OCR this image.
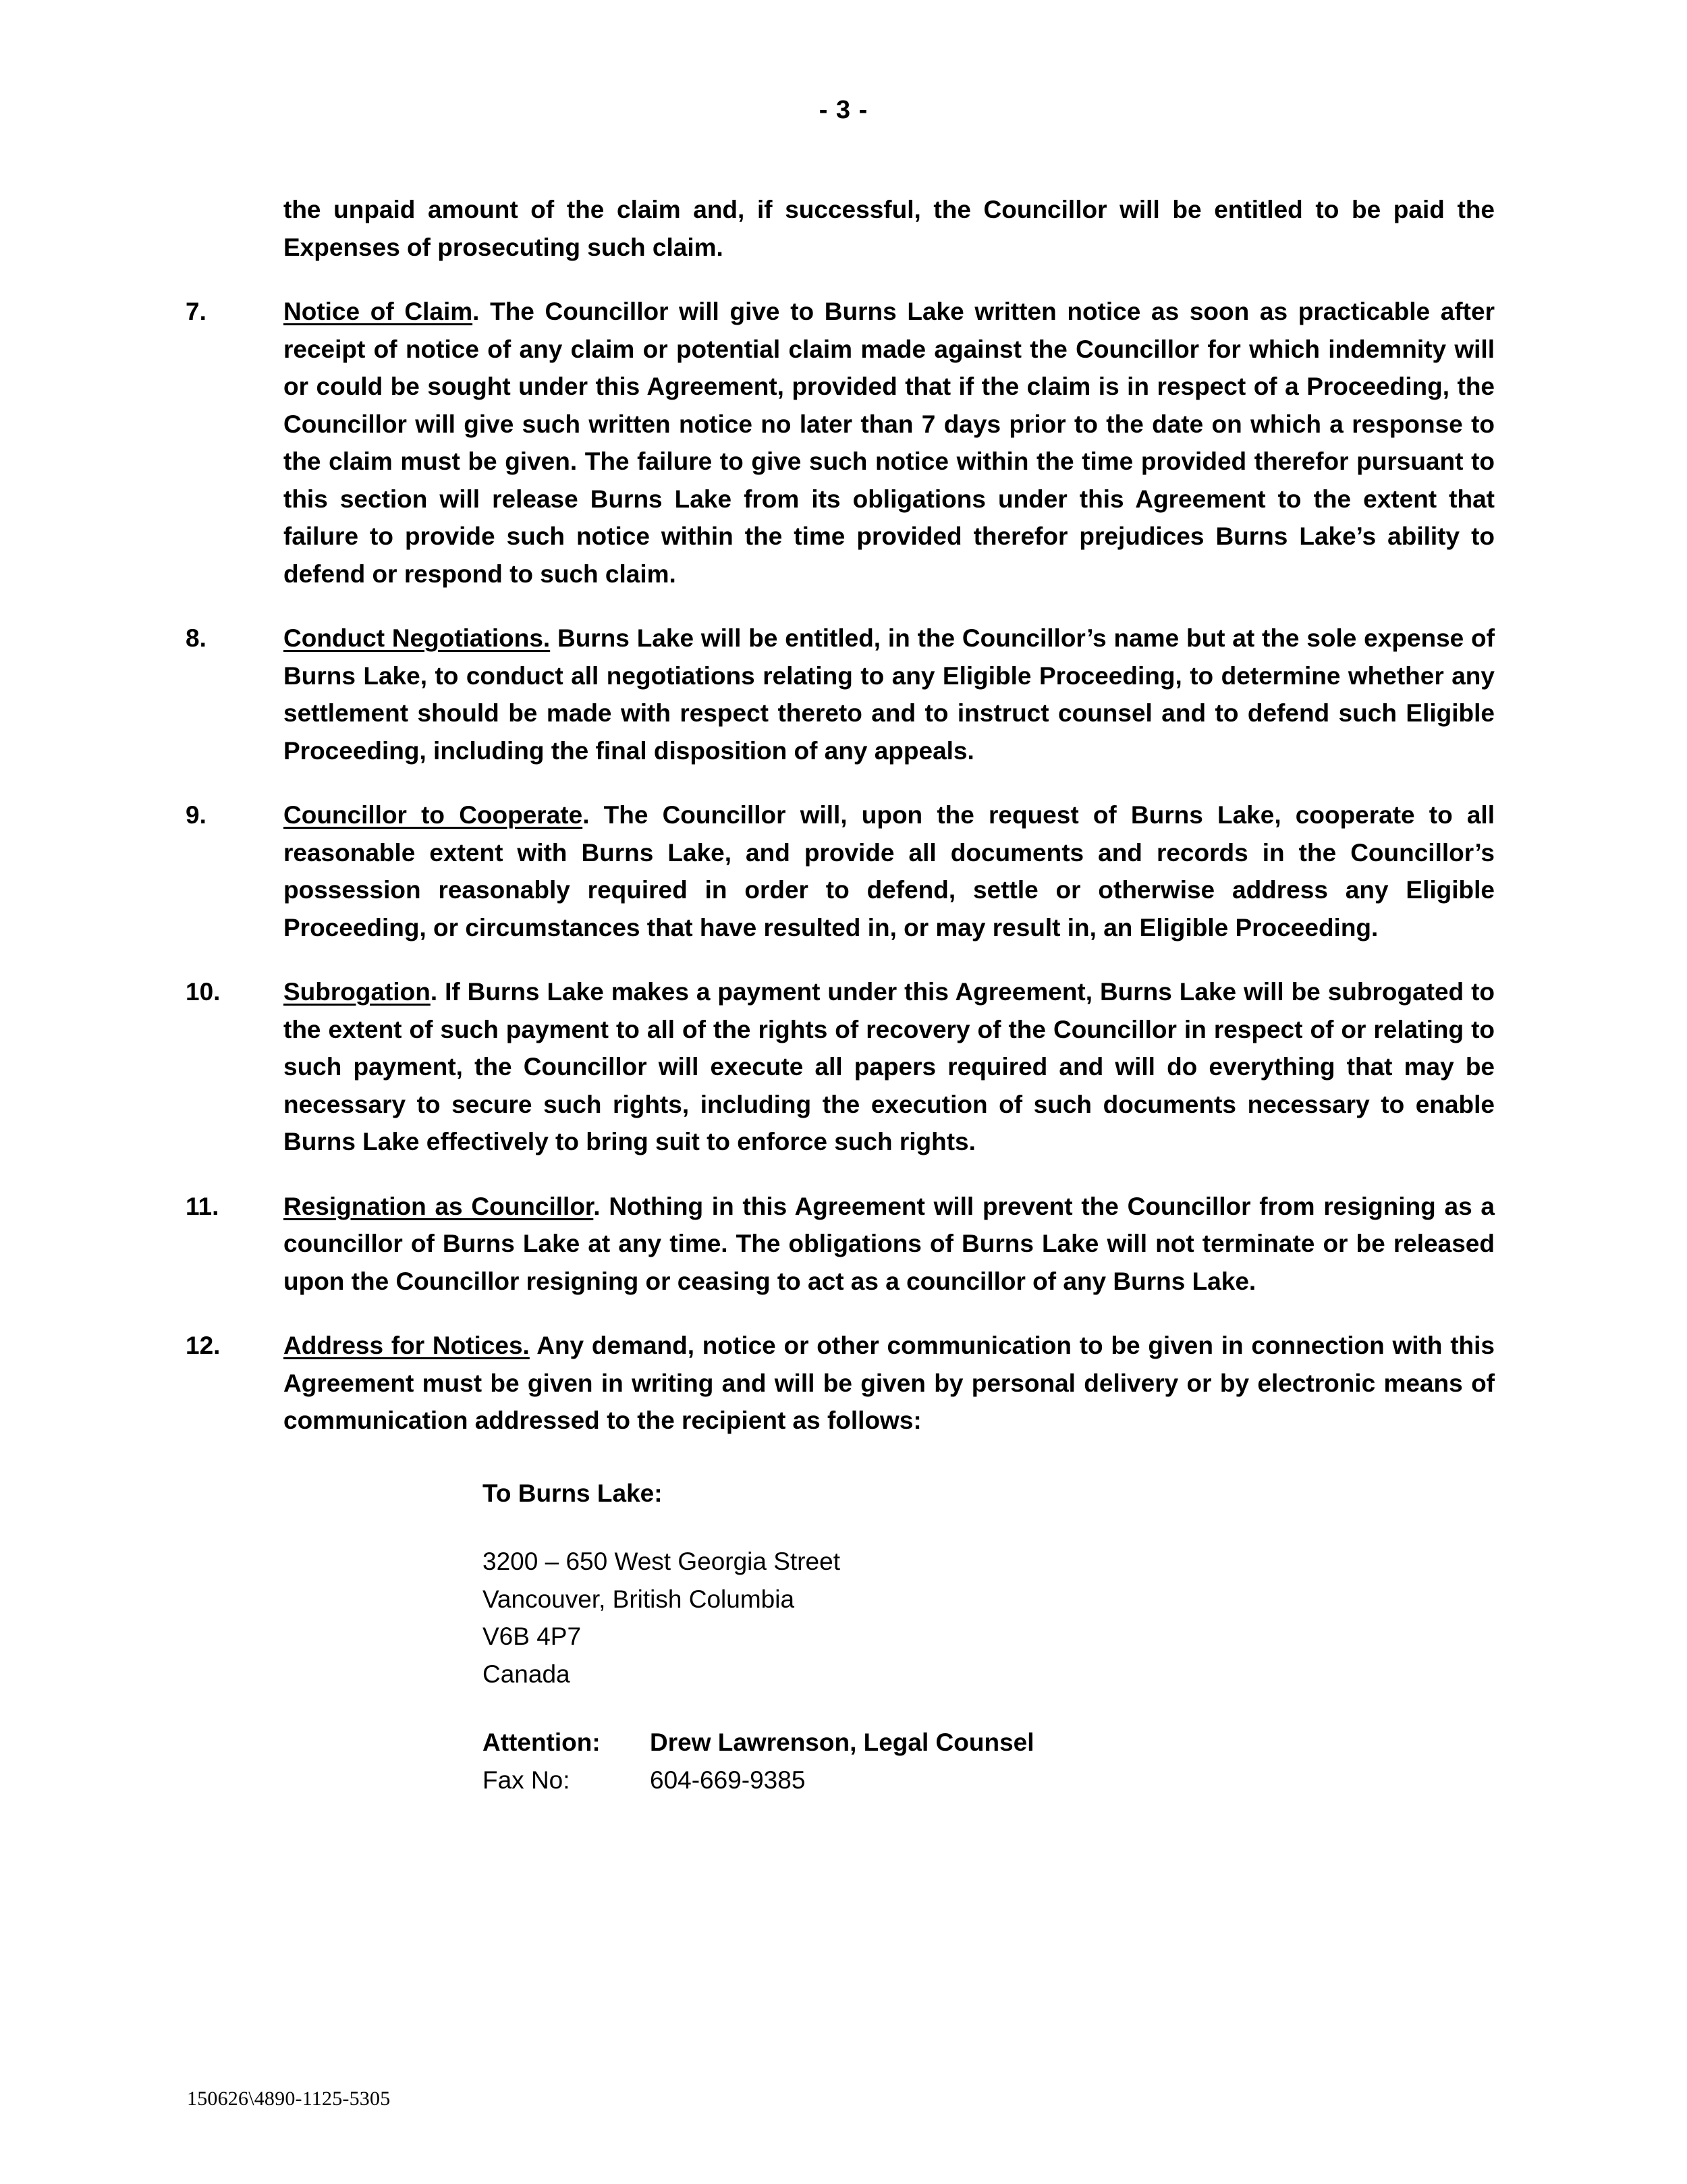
- 3 -

the unpaid amount of the claim and, if successful, the Councillor will be entitled to be paid the Expenses of prosecuting such claim.

7.	Notice of Claim. The Councillor will give to Burns Lake written notice as soon as practicable after receipt of notice of any claim or potential claim made against the Councillor for which indemnity will or could be sought under this Agreement, provided that if the claim is in respect of a Proceeding, the Councillor will give such written notice no later than 7 days prior to the date on which a response to the claim must be given. The failure to give such notice within the time provided therefor pursuant to this section will release Burns Lake from its obligations under this Agreement to the extent that failure to provide such notice within the time provided therefor prejudices Burns Lake’s ability to defend or respond to such claim.
8.	Conduct Negotiations. Burns Lake will be entitled, in the Councillor’s name but at the sole expense of Burns Lake, to conduct all negotiations relating to any Eligible Proceeding, to determine whether any settlement should be made with respect thereto and to instruct counsel and to defend such Eligible Proceeding, including the final disposition of any appeals.
9.	Councillor to Cooperate. The Councillor will, upon the request of Burns Lake, cooperate to all reasonable extent with Burns Lake, and provide all documents and records in the Councillor’s possession reasonably required in order to defend, settle or otherwise address any Eligible Proceeding, or circumstances that have resulted in, or may result in, an Eligible Proceeding.
10.	Subrogation. If Burns Lake makes a payment under this Agreement, Burns Lake will be subrogated to the extent of such payment to all of the rights of recovery of the Councillor in respect of or relating to such payment, the Councillor will execute all papers required and will do everything that may be necessary to secure such rights, including the execution of such documents necessary to enable Burns Lake effectively to bring suit to enforce such rights.
11.	Resignation as Councillor. Nothing in this Agreement will prevent the Councillor from resigning as a councillor of Burns Lake at any time. The obligations of Burns Lake will not terminate or be released upon the Councillor resigning or ceasing to act as a councillor of any Burns Lake.
12.	Address for Notices. Any demand, notice or other communication to be given in connection with this Agreement must be given in writing and will be given by personal delivery or by electronic means of communication addressed to the recipient as follows:
To Burns Lake:
3200 – 650 West Georgia Street
Vancouver, British Columbia
V6B 4P7
Canada
Attention:	Drew Lawrenson, Legal Counsel
Fax No:	604-669-9385
150626\4890-1125-5305
